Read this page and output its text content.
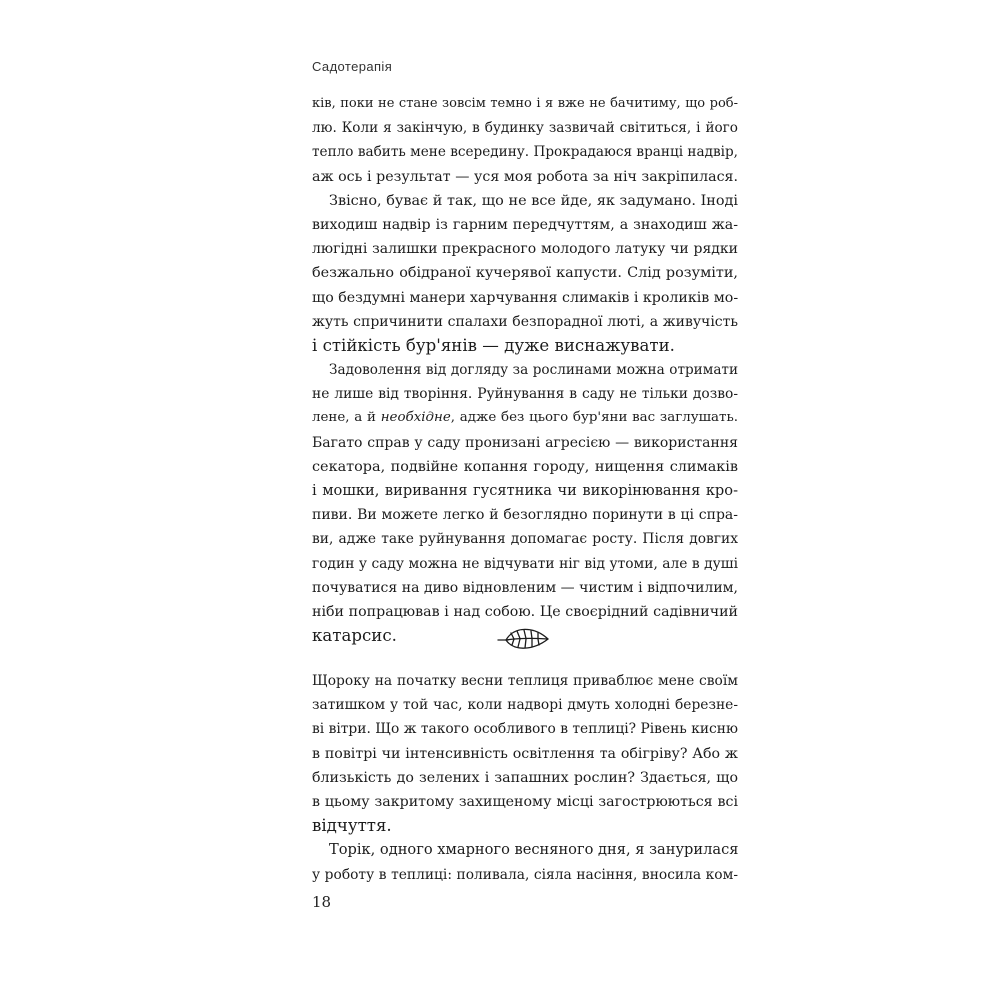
Садотерапія
ків, поки не стане зовсім темно і я вже не бачитиму, що роб-
лю. Коли я закінчую, в будинку зазвичай світиться, і його
тепло вабить мене всередину. Прокрадаюся вранці надвір,
аж ось і результат — уся моя робота за ніч закріпилася.
Звісно, буває й так, що не все йде, як задумано. Іноді
виходиш надвір із гарним передчуттям, а знаходиш жа-
люгідні залишки прекрасного молодого латуку чи рядки
безжально обідраної кучерявої капусти. Слід розуміти,
що бездумні манери харчування слимаків і кроликів мо-
жуть спричинити спалахи безпорадної люті, а живучість
і стійкість бур'янів — дуже виснажувати.
Задоволення від догляду за рослинами можна отримати
не лише від творіння. Руйнування в саду не тільки дозво-
лене, а й необхідне, адже без цього бур'яни вас заглушать.
Багато справ у саду пронизані агресією — використання
секатора, подвійне копання городу, нищення слимаків
і мошки, виривання гусятника чи викорінювання кро-
пиви. Ви можете легко й безоглядно поринути в ці спра-
ви, адже таке руйнування допомагає росту. Після довгих
годин у саду можна не відчувати ніг від утоми, але в душі
почуватися на диво відновленим — чистим і відпочилим,
ніби попрацював і над собою. Це своєрідний садівничий
катарсис.
Щороку на початку весни теплиця приваблює мене своїм
затишком у той час, коли надворі дмуть холодні березне-
ві вітри. Що ж такого особливого в теплиці? Рівень кисню
в повітрі чи інтенсивність освітлення та обігріву? Або ж
близькість до зелених і запашних рослин? Здається, що
в цьому закритому захищеному місці загострюються всі
відчуття.
Торік, одного хмарного весняного дня, я занурилася
у роботу в теплиці: поливала, сіяла насіння, вносила ком-
18
